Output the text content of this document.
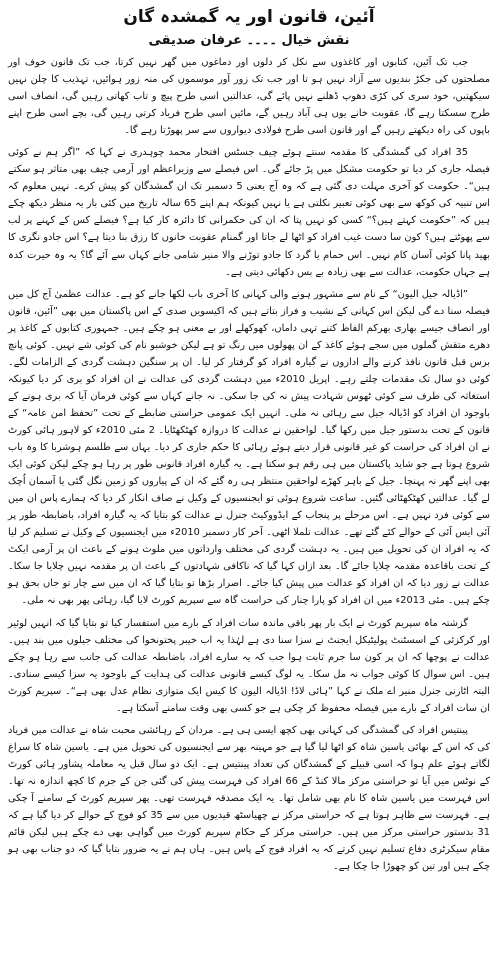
آئین، قانون اور یہ گمشدہ گان
نقش خیال ۔۔۔۔ عرفان صدیقی

جب تک آئین، کتابوں اور کاغذوں سے نکل کر دلوں اور دماغوں میں گھر نہیں کرتا، جب تک قانون خوف اور مصلحتوں کی جکڑ بندیوں سے آزاد نہیں ہو تا اور جب تک زور آور موسموں کی منہ زور ہوائیں، تہذیب کا چلن نہیں سیکھتیں، خود سری کی کڑی دھوپ ڈھلنے نہیں پائے گی، عدالتیں اسی طرح پیچ و تاب کھاتی رہیں گی، انصاف اسی طرح سسکتا رہے گا، عقوبت خانے یوں ہی آباد رہیں گے، مائیں اسی طرح فریاد کرتی رہیں گی، بچے اسی طرح اپنے باپوں کی راہ دیکھتے رہیں گے اور قانون اسی طرح فولادی دیواروں سے سر پھوڑتا رہے گا۔

35 افراد کی گمشدگی کا مقدمہ سنتے ہوئے چیف جسٹس افتخار محمد چوہدری نے کہا کہ ”اگر ہم نے کوئی فیصلہ جاری کر دیا تو حکومت مشکل میں پڑ جائے گی۔ اس فیصلے سے وزیراعظم اور آرمی چیف بھی متاثر ہو سکتے ہیں“۔ حکومت کو آخری مہلت دی گئی ہے کہ وہ آج یعنی 5 دسمبر تک ان گمشدگان کو پیش کرے۔ نہیں معلوم کہ اس تنبیہ کی کوکھ سے بھی کوئی تعبیر نکلتی ہے یا نہیں کیونکہ ہم اپنے 65 سالہ تاریخ میں کئی بار یہ منظر دیکھ چکے ہیں کہ ”حکومت کہتے ہیں؟“ کسی کو نہیں پتا کہ ان کی حکمرانی کا دائرہ کار کیا ہے؟ فیصلے کس کے کہنے پر لب سے پھوٹتے ہیں؟ کون سا دست غیب افراد کو اٹھا لے جاتا اور گمنام عقوبت خانوں کا رزق بنا دیتا ہے؟ اس جادو نگری کا بھید پانا کوئی آسان کام نہیں۔ اس حمام یا گرد کا جادو توڑنے والا منیر شامی جانے کہاں سے آئے گا؟ یہ وہ حیرت کدہ ہے جہاں حکومت، عدالت سے بھی زیادہ بے بس دکھائی دیتی ہے۔

”اڈیالہ جیل الیون“ کے نام سے مشہور ہونے والی کہانی کا آخری باب لکھا جانے کو ہے۔ عدالت عظمیٰ آج کل میں فیصلہ سنا دے گی لیکن اس کہانی کے نشیب و فراز بتاتے ہیں کہ اکیسویں صدی کے اس پاکستان میں بھی ”آئین، قانون اور انصاف جیسے بھاری بھرکم الفاظ کتنے تہی داماں، کھوکھلے اور بے معنی ہو چکے ہیں۔ جمہوری کتابوں کے کاغذ پر دھرے متقش گملوں میں سجے ہوئے کاغذ کے ان پھولوں میں رنگ تو ہے لیکن خوشبو نام کی کوئی شے نہیں۔ کوئی پانچ برس قبل قانون نافذ کرنے والے اداروں نے گیارہ افراد کو گرفتار کر لیا۔ ان پر سنگین دہشت گردی کے الزامات لگے۔ کوئی دو سال تک مقدمات چلتے رہے۔ اپریل 2010ء میں دہشت گردی کی عدالت نے ان افراد کو بری کر دیا کیونکہ استغاثہ کی طرف سے کوئی ٹھوس شہادت پیش نہ کی جا سکی۔ نہ جانے کہاں سے کوئی فرمان آیا کہ بری ہونے کے باوجود ان افراد کو اڈیالہ جیل سے رہائی نہ ملی۔ انہیں ایک عمومی حراستی ضابطے کے تحت ”تحفظ امن عامہ“ کے قانون کے تحت بدستور جیل میں رکھا گیا۔ لواحقین نے عدالت کا دروازہ کھٹکھٹایا۔ 2 مئی 2010ء کو لاہور ہائی کورٹ نے ان افراد کی حراست کو غیر قانونی قرار دیتے ہوئے رہائی کا حکم جاری کر دیا۔ یہاں سے طلسم ہوشربا کا وہ باب شروع ہوتا ہے جو شاید پاکستان میں ہی رقم ہو سکتا ہے۔ یہ گیارہ افراد قانونی طور پر رہا ہو چکے لیکن کوئی ایک بھی اپنے گھر نہ پہنچا۔ جیل کے باہر کھڑے لواحقین منتظر ہی رہ گئے کہ ان کے پیاروں کو زمین نگل گئی یا آسمان اُچک لے گیا۔ عدالتیں کھٹکھٹائی گئیں۔ ساعت شروع ہوئی تو ایجنسیوں کے وکیل نے صاف انکار کر دیا کہ ہمارے پاس ان میں سے کوئی فرد نہیں ہے۔ اس مرحلے پر پنجاب کے ایڈووکیٹ جنرل نے عدالت کو بتایا کہ یہ گیارہ افراد، باضابطہ طور پر آئی ایس آئی کے حوالے کئے گئے تھے۔ عدالت تلملا اٹھی۔ آخر کار دسمبر 2010ء میں ایجنسیوں کے وکیل نے تسلیم کر لیا کہ یہ افراد ان کی تحویل میں ہیں۔ یہ دہشت گردی کی مختلف وارداتوں میں ملوث ہونے کے باعث ان پر آرمی ایکٹ کے تحت باقاعدہ مقدمہ چلایا جائے گا۔ بعد ازاں کہا گیا کہ ناکافی شہادتوں کے باعث ان پر مقدمہ نہیں چلایا جا سکا۔ عدالت نے زور دیا کہ ان افراد کو عدالت میں پیش کیا جائے۔ اصرار بڑھا تو بتایا گیا کہ ان میں سے چار تو جاں بحق ہو چکے ہیں۔ مئی 2013ء میں ان افراد کو پارا چنار کی حراست گاہ سے سپریم کورٹ لایا گیا، رہائی پھر بھی نہ ملی۔

گزشتہ ماہ سپریم کورٹ نے ایک بار پھر باقی ماندہ سات افراد کے بارے میں استفسار کیا تو بتایا گیا کہ انہیں لوئیر اور کرکزئی کے اسسٹنٹ پولیٹیکل ایجنٹ نے سزا سنا دی ہے لہٰذا یہ اب خیبر پختونخوا کی مختلف جیلوں میں بند ہیں۔ عدالت نے پوچھا کہ ان پر کون سا جرم ثابت ہوا جب کہ یہ سارے افراد، باضابطہ عدالت کی جانب سے رہا ہو چکے ہیں۔ اس سوال کا کوئی جواب نہ مل سکا۔ یہ لوگ کیسے قانونی عدالت کی ہدایت کے باوجود یہ سزا کیسے سنادی۔ البتہ اٹارنی جنرل منیر اے ملک نے کہا ”ہائی لاڈ! اڈیالہ الیون کا کیس ایک متوازی نظام عدل بھی ہے“۔ سپریم کورٹ ان سات افراد کے بارے میں فیصلہ محفوظ کر چکی ہے جو کسی بھی وقت سامنے آسکتا ہے۔

پینتیس افراد کی گمشدگی کی کہانی بھی کچھ ایسی ہی ہے۔ مردان کے رہائشی محبت شاہ نے عدالت میں فریاد کی کہ اس کے بھائی یاسین شاہ کو اٹھا لیا گیا ہے جو مہینہ بھر سے ایجنسیوں کی تحویل میں ہے۔ یاسین شاہ کا سراغ لگاتے ہوئے علم ہوا کہ اسی قبیلے کے گمشدگان کی تعداد پینتیس ہے۔ ایک دو سال قبل یہ معاملہ پشاور ہائی کورٹ کے نوٹس میں آیا تو حراستی مرکز مالا کنڈ کے 66 افراد کی فہرست پیش کی گئی جن کے جرم کا کچھ اندازہ نہ تھا۔ اس فہرست میں یاسین شاہ کا نام بھی شامل تھا۔ یہ ایک مصدقہ فہرست تھی۔ پھر سپریم کورٹ کے سامنے آ چکی ہے۔ فہرست سے ظاہر ہوتا ہے کہ حراستی مرکز نے چھیاسٹھ قیدیوں میں سے 35 کو فوج کے حوالے کر دیا گیا ہے کہ 31 بدستور حراستی مرکز میں ہیں۔ حراستی مرکز کے حکام سپریم کورٹ میں گواہی بھی دے چکے ہیں لیکن قائم مقام سیکرٹری دفاع تسلیم نہیں کرتے کہ یہ افراد فوج کے پاس ہیں۔ ہاں ہم نے یہ ضرور بتایا گیا کہ دو جناب بھی ہو چکے ہیں اور تین کو چھوڑا جا چکا ہے۔
